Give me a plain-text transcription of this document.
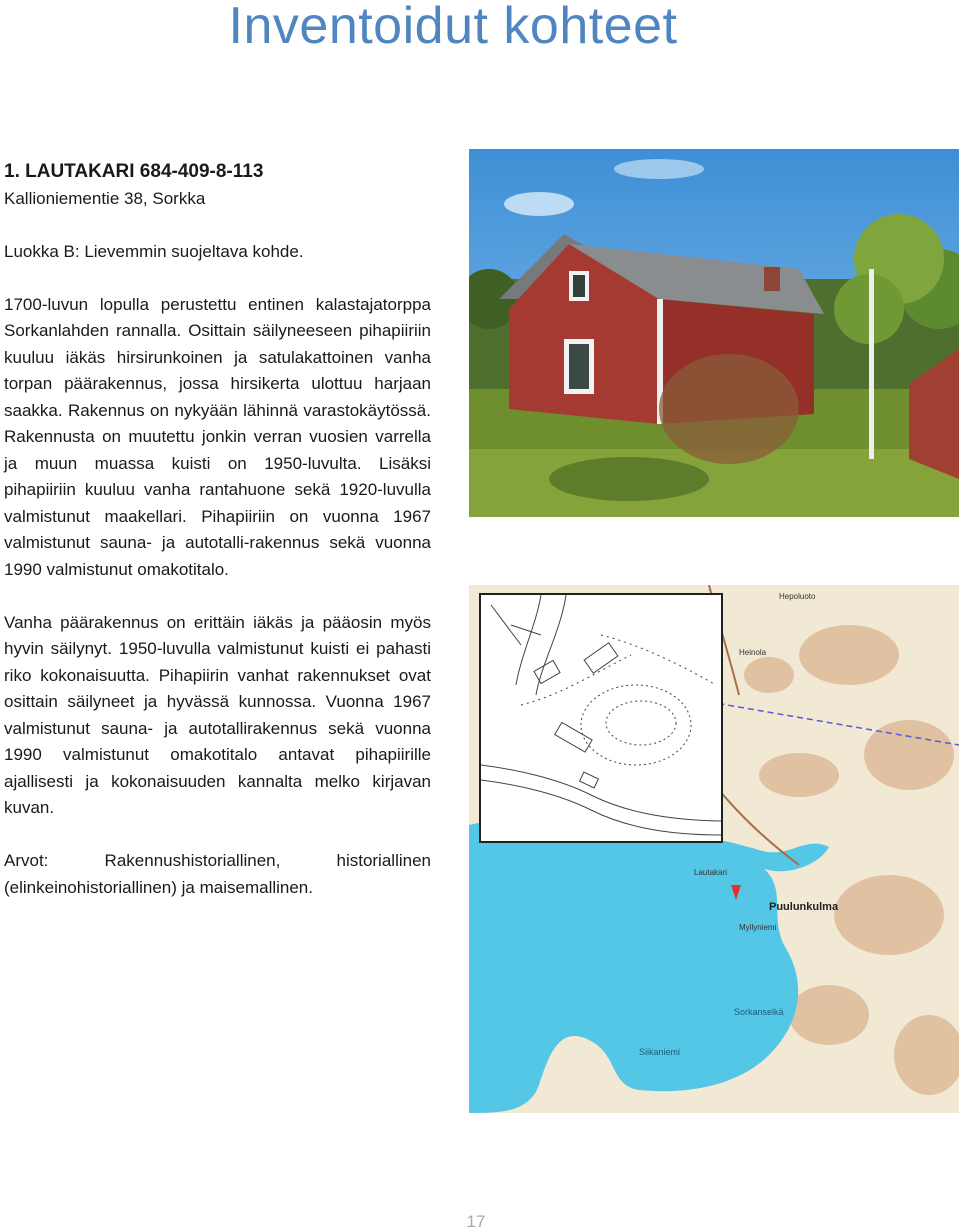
Inventoidut kohteet

1. LAUTAKARI 684-409-8-113

Kallioniementie 38, Sorkka

Luokka B: Lievemmin suojeltava kohde.

1700-luvun lopulla perustettu entinen kalastajatorppa Sorkanlahden rannalla. Osittain säilyneeseen pihapiiriin kuuluu iäkäs hirsirunkoinen ja satulakattoinen vanha torpan päärakennus, jossa hirsikerta ulottuu harjaan saakka. Rakennus on nykyään lähinnä varastokäytössä. Rakennusta on muutettu jonkin verran vuosien varrella ja muun muassa kuisti on 1950-luvulta. Lisäksi pihapiiriin kuuluu vanha rantahuone sekä 1920-luvulla valmistunut maakellari. Pihapiiriin on vuonna 1967 valmistunut sauna- ja autotalli-rakennus sekä vuonna 1990 valmistunut omakotitalo.

Vanha päärakennus on erittäin iäkäs ja pääosin myös hyvin säilynyt. 1950-luvulla valmistunut kuisti ei pahasti riko kokonaisuutta. Pihapiirin vanhat rakennukset ovat osittain säilyneet ja hyvässä kunnossa. Vuonna 1967 valmistunut sauna- ja autotallirakennus sekä vuonna 1990 valmistunut omakotitalo antavat pihapiirille ajallisesti ja kokonaisuuden kannalta melko kirjavan kuvan.

Arvot: Rakennushistoriallinen, historiallinen (elinkeinohistoriallinen) ja maisemallinen.

Puulunkulma
Sorkanselkä
Siikaniemi
Lautakari
Heinola
Myllyniemi
Hepoluoto
17
